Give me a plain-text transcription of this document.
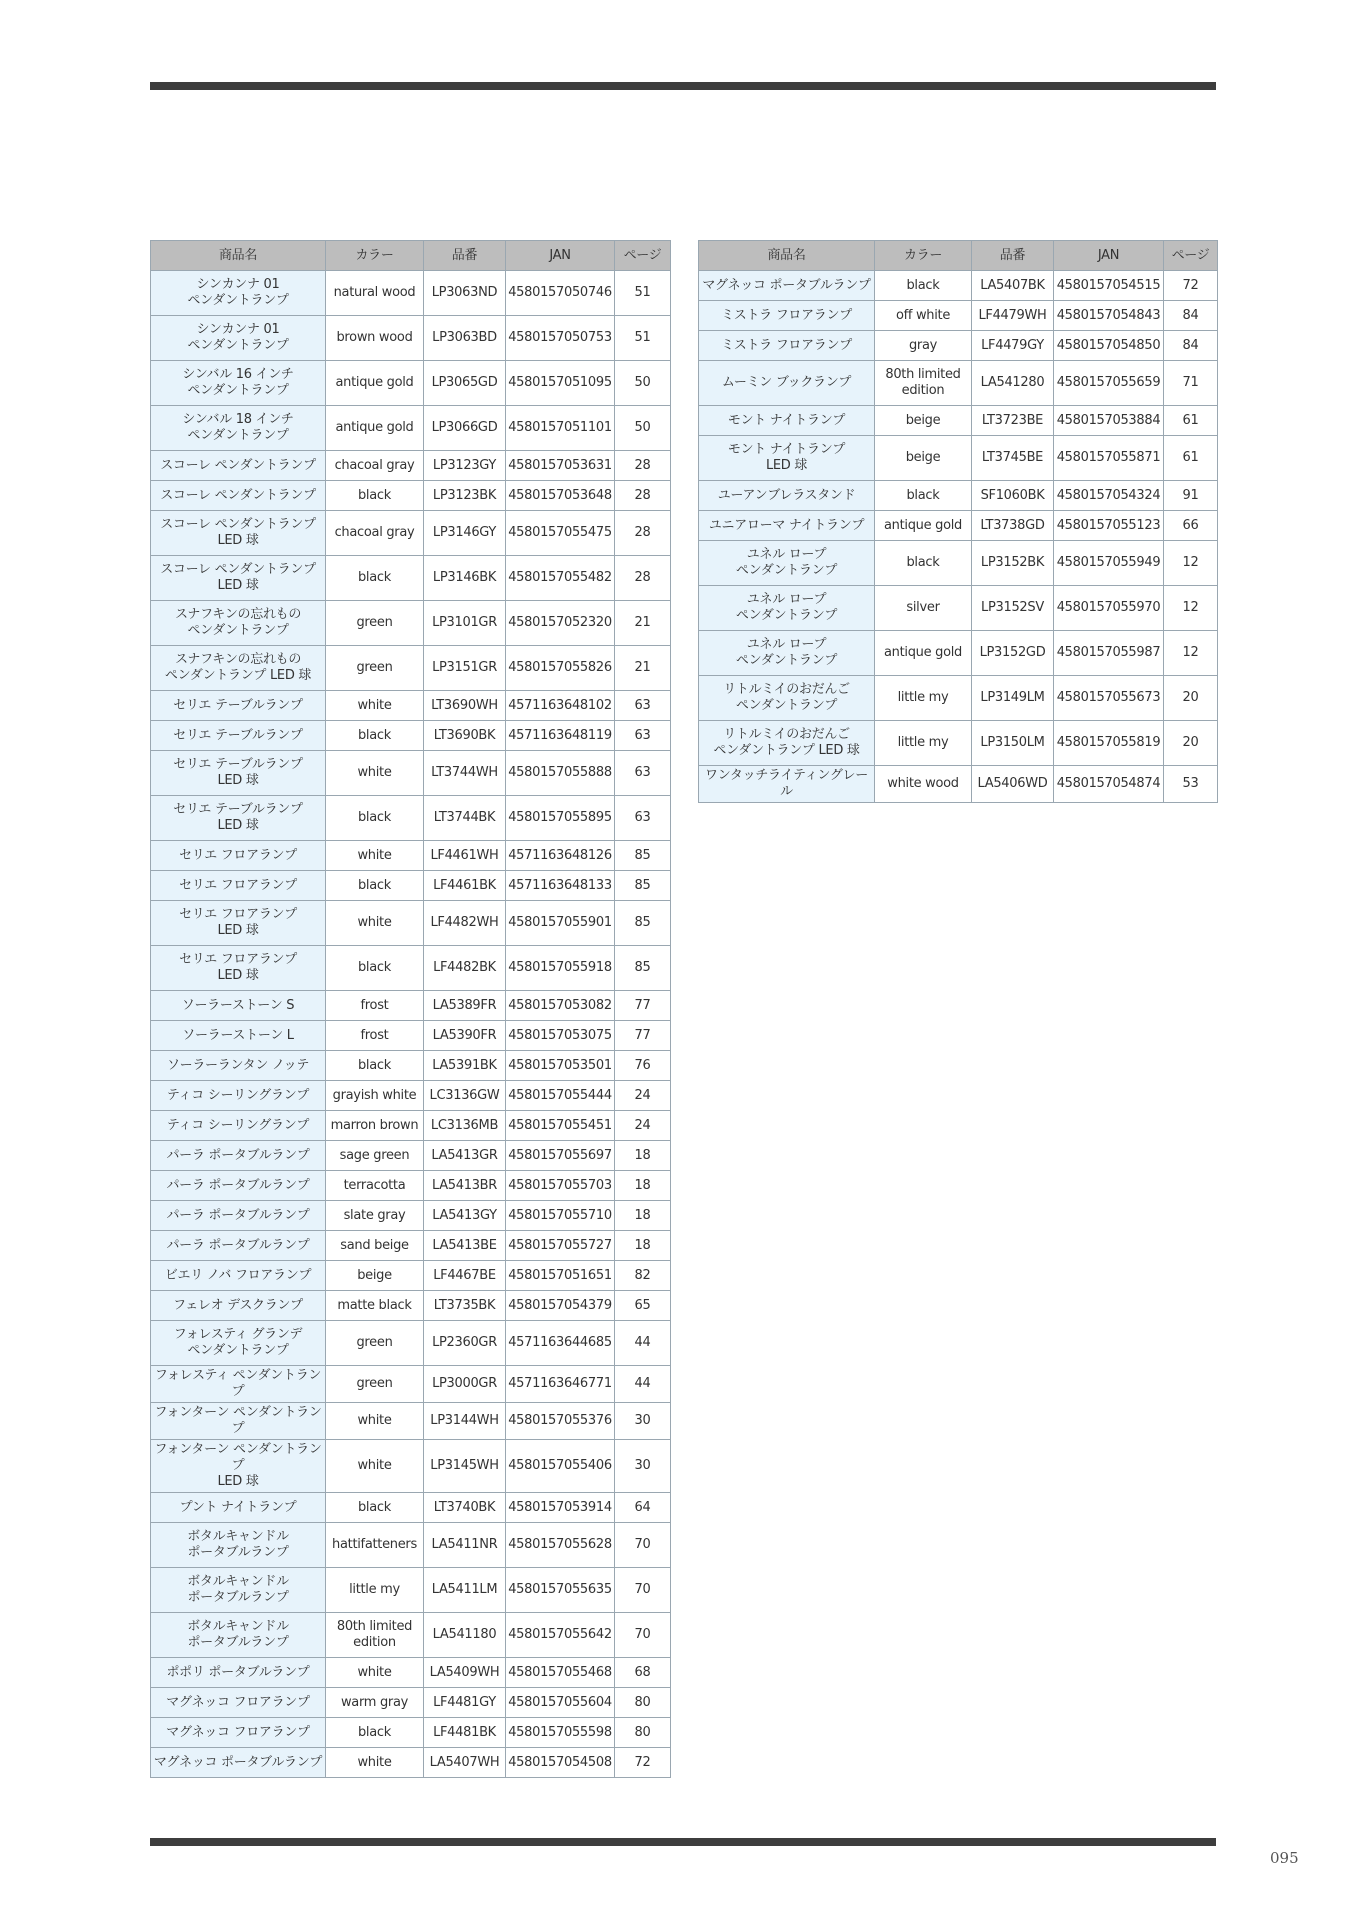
商品名	カラー	品番	JAN	ページ
シンカンナ 01
ペンダントランプ	natural wood	LP3063ND	4580157050746	51
シンカンナ 01
ペンダントランプ	brown wood	LP3063BD	4580157050753	51
シンバル 16 インチ
ペンダントランプ	antique gold	LP3065GD	4580157051095	50
シンバル 18 インチ
ペンダントランプ	antique gold	LP3066GD	4580157051101	50
スコーレ ペンダントランプ	chacoal gray	LP3123GY	4580157053631	28
スコーレ ペンダントランプ	black	LP3123BK	4580157053648	28
スコーレ ペンダントランプ
LED 球	chacoal gray	LP3146GY	4580157055475	28
スコーレ ペンダントランプ
LED 球	black	LP3146BK	4580157055482	28
スナフキンの忘れもの
ペンダントランプ	green	LP3101GR	4580157052320	21
スナフキンの忘れもの
ペンダントランプ LED 球	green	LP3151GR	4580157055826	21
セリエ テーブルランプ	white	LT3690WH	4571163648102	63
セリエ テーブルランプ	black	LT3690BK	4571163648119	63
セリエ テーブルランプ
LED 球	white	LT3744WH	4580157055888	63
セリエ テーブルランプ
LED 球	black	LT3744BK	4580157055895	63
セリエ フロアランプ	white	LF4461WH	4571163648126	85
セリエ フロアランプ	black	LF4461BK	4571163648133	85
セリエ フロアランプ
LED 球	white	LF4482WH	4580157055901	85
セリエ フロアランプ
LED 球	black	LF4482BK	4580157055918	85
ソーラーストーン S	frost	LA5389FR	4580157053082	77
ソーラーストーン L	frost	LA5390FR	4580157053075	77
ソーラーランタン ノッテ	black	LA5391BK	4580157053501	76
ティコ シーリングランプ	grayish white	LC3136GW	4580157055444	24
ティコ シーリングランプ	marron brown	LC3136MB	4580157055451	24
パーラ ポータブルランプ	sage green	LA5413GR	4580157055697	18
パーラ ポータブルランプ	terracotta	LA5413BR	4580157055703	18
パーラ ポータブルランプ	slate gray	LA5413GY	4580157055710	18
パーラ ポータブルランプ	sand beige	LA5413BE	4580157055727	18
ビエリ ノバ フロアランプ	beige	LF4467BE	4580157051651	82
フェレオ デスクランプ	matte black	LT3735BK	4580157054379	65
フォレスティ グランデ
ペンダントランプ	green	LP2360GR	4571163644685	44
フォレスティ ペンダントランプ	green	LP3000GR	4571163646771	44
フォンターン ペンダントランプ	white	LP3144WH	4580157055376	30
フォンターン ペンダントランプ
LED 球	white	LP3145WH	4580157055406	30
プント ナイトランプ	black	LT3740BK	4580157053914	64
ボタルキャンドル
ポータブルランプ	hattifatteners	LA5411NR	4580157055628	70
ボタルキャンドル
ポータブルランプ	little my	LA5411LM	4580157055635	70
ボタルキャンドル
ポータブルランプ	80th limited
edition	LA541180	4580157055642	70
ポポリ ポータブルランプ	white	LA5409WH	4580157055468	68
マグネッコ フロアランプ	warm gray	LF4481GY	4580157055604	80
マグネッコ フロアランプ	black	LF4481BK	4580157055598	80
マグネッコ ポータブルランプ	white	LA5407WH	4580157054508	72
商品名	カラー	品番	JAN	ページ
マグネッコ ポータブルランプ	black	LA5407BK	4580157054515	72
ミストラ フロアランプ	off white	LF4479WH	4580157054843	84
ミストラ フロアランプ	gray	LF4479GY	4580157054850	84
ムーミン ブックランプ	80th limited
edition	LA541280	4580157055659	71
モント ナイトランプ	beige	LT3723BE	4580157053884	61
モント ナイトランプ
LED 球	beige	LT3745BE	4580157055871	61
ユーアンブレラスタンド	black	SF1060BK	4580157054324	91
ユニアローマ ナイトランプ	antique gold	LT3738GD	4580157055123	66
ユネル ロープ
ペンダントランプ	black	LP3152BK	4580157055949	12
ユネル ロープ
ペンダントランプ	silver	LP3152SV	4580157055970	12
ユネル ロープ
ペンダントランプ	antique gold	LP3152GD	4580157055987	12
リトルミイのおだんご
ペンダントランプ	little my	LP3149LM	4580157055673	20
リトルミイのおだんご
ペンダントランプ LED 球	little my	LP3150LM	4580157055819	20
ワンタッチライティングレール	white wood	LA5406WD	4580157054874	53
095
